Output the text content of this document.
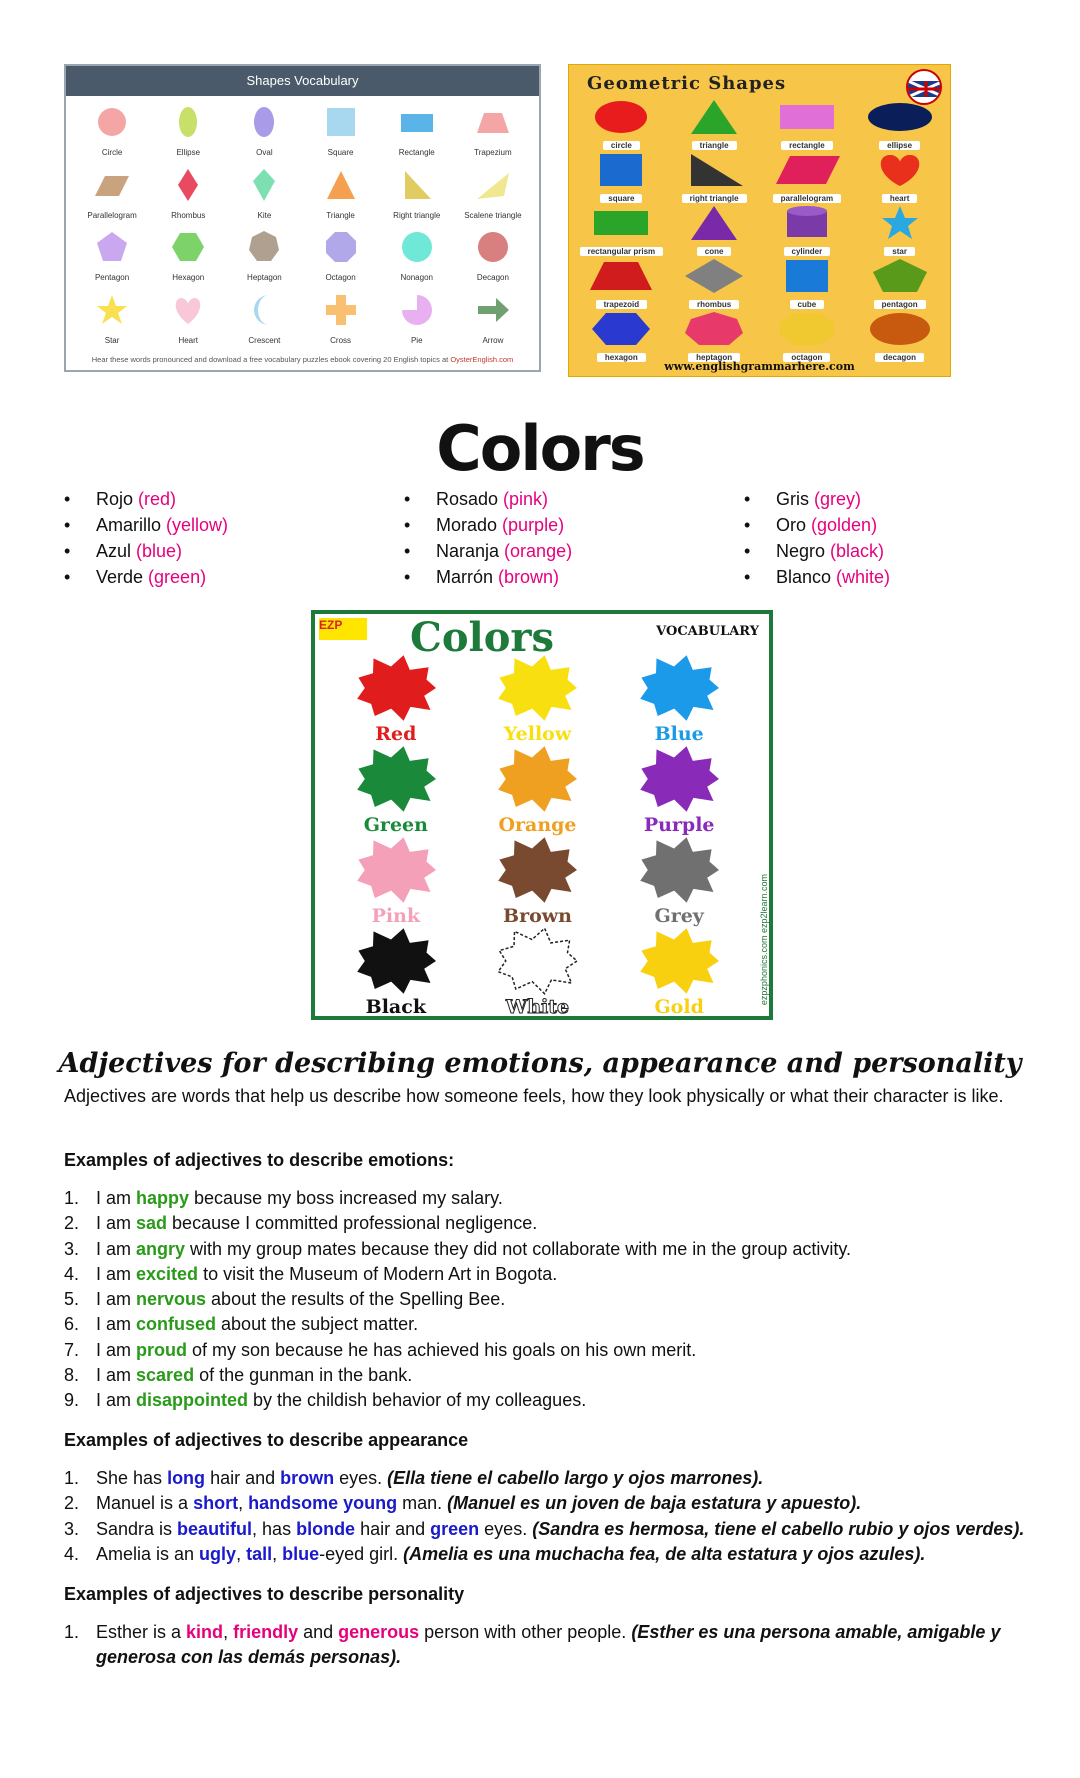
Shapes Vocabulary
Circle	Ellipse	Oval	Square	Rectangle	Trapezium
Parallelogram	Rhombus	Kite	Triangle	Right triangle	Scalene triangle
Pentagon	Hexagon	Heptagon	Octagon	Nonagon	Decagon
Star	Heart	Crescent	Cross	Pie	Arrow
Hear these words pronounced and download a free vocabulary puzzles ebook covering 20 English topics at OysterEnglish.com
Geometric Shapes
circle	triangle	rectangle	ellipse
square	right triangle	parallelogram	heart
rectangular prism	cone	cylinder	star
trapezoid	rhombus	cube	pentagon
hexagon	heptagon	octagon	decagon
www.englishgrammarhere.com
Colors
• Rojo (red)
• Amarillo (yellow)
• Azul (blue)
• Verde (green)
• Rosado (pink)
• Morado (purple)
• Naranja (orange)
• Marrón (brown)
• Gris (grey)
• Oro (golden)
• Negro (black)
• Blanco (white)
EZP	Colors	VOCABULARY
Red	Yellow	Blue
Green	Orange	Purple
Pink	Brown	Grey
Black	White	Gold
ezpzphonics.com ezp2learn.com
Adjectives for describing emotions, appearance and personality
Adjectives are words that help us describe how someone feels, how they look physically or what their character is like.
Examples of adjectives to describe emotions:
1. I am happy because my boss increased my salary.
2. I am sad because I committed professional negligence.
3. I am angry with my group mates because they did not collaborate with me in the group activity.
4. I am excited to visit the Museum of Modern Art in Bogota.
5. I am nervous about the results of the Spelling Bee.
6. I am confused about the subject matter.
7. I am proud of my son because he has achieved his goals on his own merit.
8. I am scared of the gunman in the bank.
9. I am disappointed by the childish behavior of my colleagues.
Examples of adjectives to describe appearance
1. She has long hair and brown eyes. (Ella tiene el cabello largo y ojos marrones).
2. Manuel is a short, handsome young man. (Manuel es un joven de baja estatura y apuesto).
3. Sandra is beautiful, has blonde hair and green eyes. (Sandra es hermosa, tiene el cabello rubio y ojos verdes).
4. Amelia is an ugly, tall, blue-eyed girl. (Amelia es una muchacha fea, de alta estatura y ojos azules).
Examples of adjectives to describe personality
1. Esther is a kind, friendly and generous person with other people. (Esther es una persona amable, amigable y generosa con las demás personas).
